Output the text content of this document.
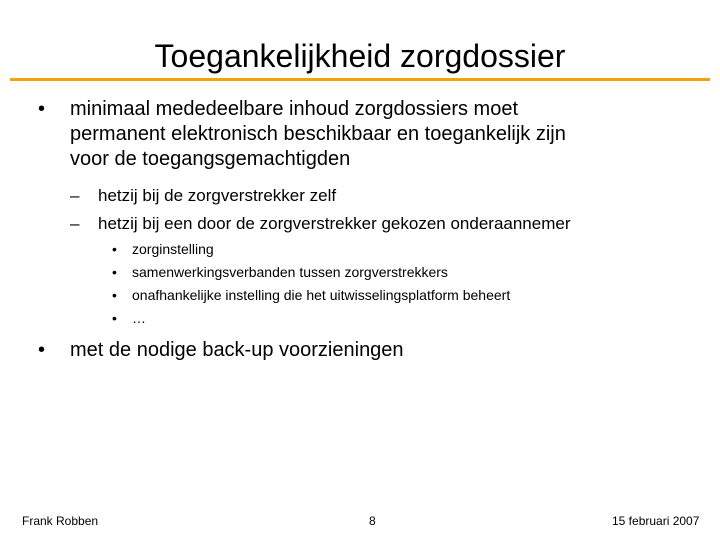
Toegankelijkheid zorgdossier
• minimaal mededeelbare inhoud zorgdossiers moet
permanent elektronisch beschikbaar en toegankelijk zijn
voor de toegangsgemachtigden
– hetzij bij de zorgverstrekker zelf
– hetzij bij een door de zorgverstrekker gekozen onderaannemer
• zorginstelling
• samenwerkingsverbanden tussen zorgverstrekkers
• onafhankelijke instelling die het uitwisselingsplatform beheert
• …
• met de nodige back-up voorzieningen
Frank Robben	8	15 februari 2007
